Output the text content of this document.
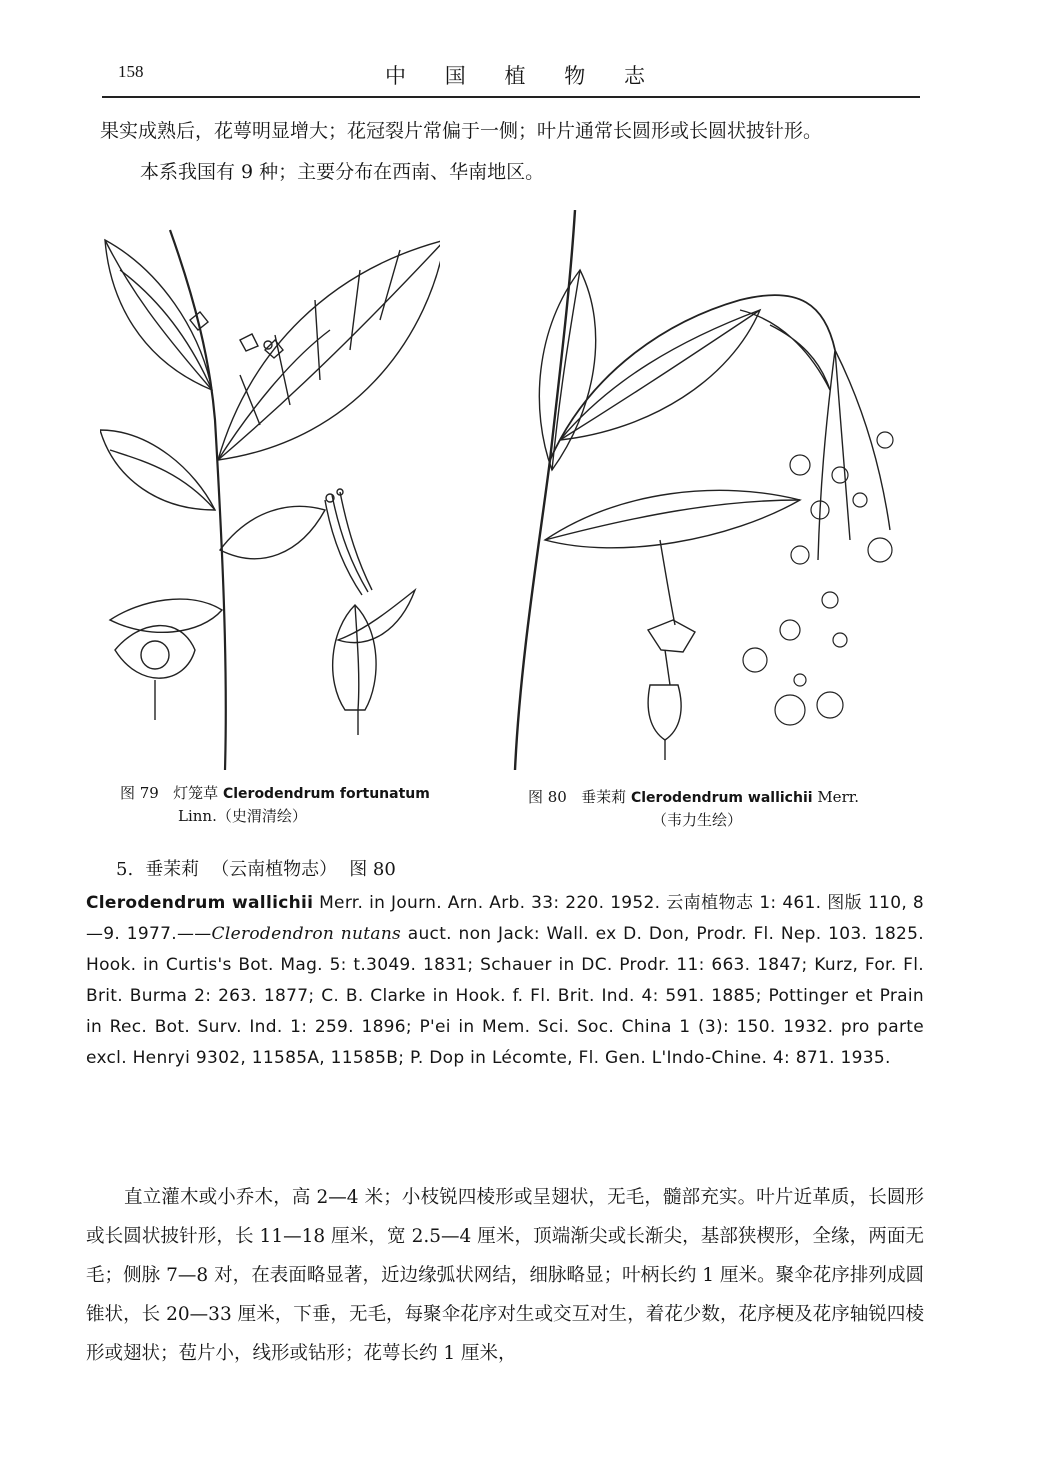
158	中 国 植 物 志
果实成熟后，花萼明显增大；花冠裂片常偏于一侧；叶片通常长圆形或长圆状披针形。
本系我国有 9 种；主要分布在西南、华南地区。
图 79 灯笼草 Clerodendrum fortunatum
Linn.（史渭清绘）
图 80 垂茉莉 Clerodendrum wallichii Merr.
（韦力生绘）
5. 垂茉莉 （云南植物志） 图 80
Clerodendrum wallichii Merr. in Journ. Arn. Arb. 33: 220. 1952. 云南植物志 1: 461. 图版 110, 8—9. 1977.——Clerodendron nutans auct. non Jack: Wall. ex D. Don, Prodr. Fl. Nep. 103. 1825. Hook. in Curtis's Bot. Mag. 5: t.3049. 1831; Schauer in DC. Prodr. 11: 663. 1847; Kurz, For. Fl. Brit. Burma 2: 263. 1877; C. B. Clarke in Hook. f. Fl. Brit. Ind. 4: 591. 1885; Pottinger et Prain in Rec. Bot. Surv. Ind. 1: 259. 1896; P'ei in Mem. Sci. Soc. China 1 (3): 150. 1932. pro parte excl. Henryi 9302, 11585A, 11585B; P. Dop in Lécomte, Fl. Gen. L'Indo-Chine. 4: 871. 1935.
直立灌木或小乔木，高 2—4 米；小枝锐四棱形或呈翅状，无毛，髓部充实。叶片近革质，长圆形或长圆状披针形，长 11—18 厘米，宽 2.5—4 厘米，顶端渐尖或长渐尖，基部狭楔形，全缘，两面无毛；侧脉 7—8 对，在表面略显著，近边缘弧状网结，细脉略显；叶柄长约 1 厘米。聚伞花序排列成圆锥状，长 20—33 厘米，下垂，无毛，每聚伞花序对生或交互对生，着花少数，花序梗及花序轴锐四棱形或翅状；苞片小，线形或钻形；花萼长约 1 厘米，
